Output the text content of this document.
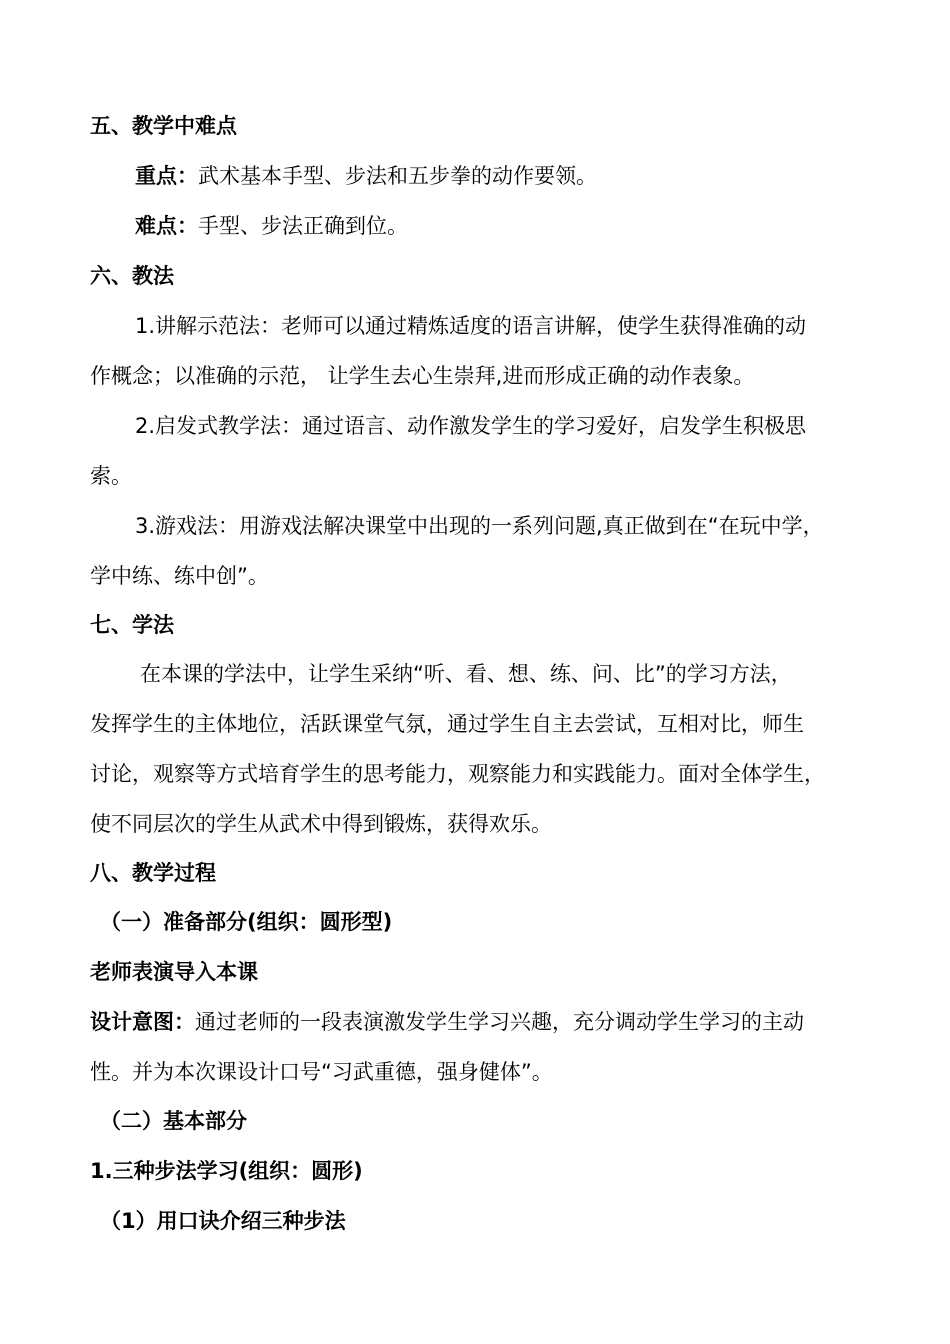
五、教学中难点
重点：武术基本手型、步法和五步拳的动作要领。
难点：手型、步法正确到位。
六、教法
1.讲解示范法：老师可以通过精炼适度的语言讲解，使学生获得准确的动
作概念；以准确的示范， 让学生去心生崇拜,进而形成正确的动作表象。
2.启发式教学法：通过语言、动作激发学生的学习爱好，启发学生积极思
索。
3.游戏法：用游戏法解决课堂中出现的一系列问题,真正做到在“在玩中学，
学中练、练中创”。
七、学法
在本课的学法中，让学生采纳“听、看、想、练、问、比”的学习方法，
发挥学生的主体地位，活跃课堂气氛，通过学生自主去尝试，互相对比，师生
讨论，观察等方式培育学生的思考能力，观察能力和实践能力。面对全体学生，
使不同层次的学生从武术中得到锻炼，获得欢乐。
八、教学过程
（一）准备部分(组织：圆形型)
老师表演导入本课
设计意图：通过老师的一段表演激发学生学习兴趣，充分调动学生学习的主动
性。并为本次课设计口号“习武重德，强身健体”。
（二）基本部分
1.三种步法学习(组织：圆形)
（1）用口诀介绍三种步法
